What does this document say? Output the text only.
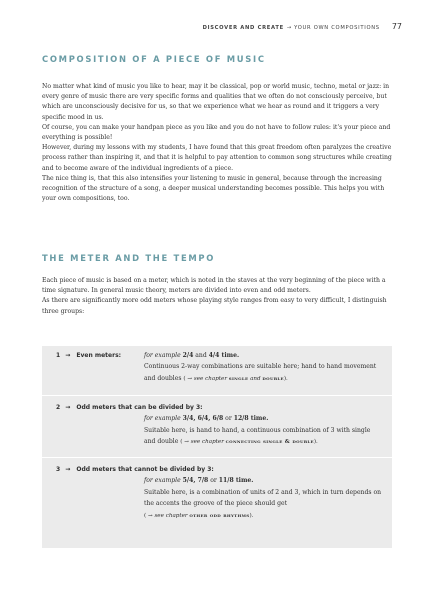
DISCOVER AND CREATE → YOUR OWN COMPOSITIONS 77
COMPOSITION OF A PIECE OF MUSIC

No matter what kind of music you like to hear, may it be classical, pop or world music, techno, metal or jazz: in every genre of music there are very specific forms and qualities that we often do not consciously perceive, but which are unconsciously decisive for us, so that we experience what we hear as round and it triggers a very specific mood in us.

Of course, you can make your handpan piece as you like and you do not have to follow rules: it's your piece and everything is possible!

However, during my lessons with my students, I have found that this great freedom often paralyzes the creative process rather than inspiring it, and that it is helpful to pay attention to common song structures while creating and to become aware of the individual ingredients of a piece.

The nice thing is, that this also intensifies your listening to music in general, because through the increasing recognition of the structure of a song, a deeper musical understanding becomes possible. This helps you with your own compositions, too.

THE METER AND THE TEMPO

Each piece of music is based on a meter, which is noted in the staves at the very beginning of the piece with a time signature. In general music theory, meters are divided into even and odd meters.

As there are significantly more odd meters whose playing style ranges from easy to very difficult, I distinguish three groups:

1 → Even meters:	for example 2/4 and 4/4 time.
Continuous 2-way combinations are suitable here; hand to hand movement and doubles ( → see chapter single and double).
2 → Odd meters that can be divided by 3:
for example 3/4, 6/4, 6/8 or 12/8 time.
Suitable here, is hand to hand, a continuous combination of 3 with single and double ( → see chapter connecting single & double).
3 → Odd meters that cannot be divided by 3:
for example 5/4, 7/8 or 11/8 time.
Suitable here, is a combination of units of 2 and 3, which in turn depends on the accents the groove of the piece should get
( → see chapter other odd rhythms).
